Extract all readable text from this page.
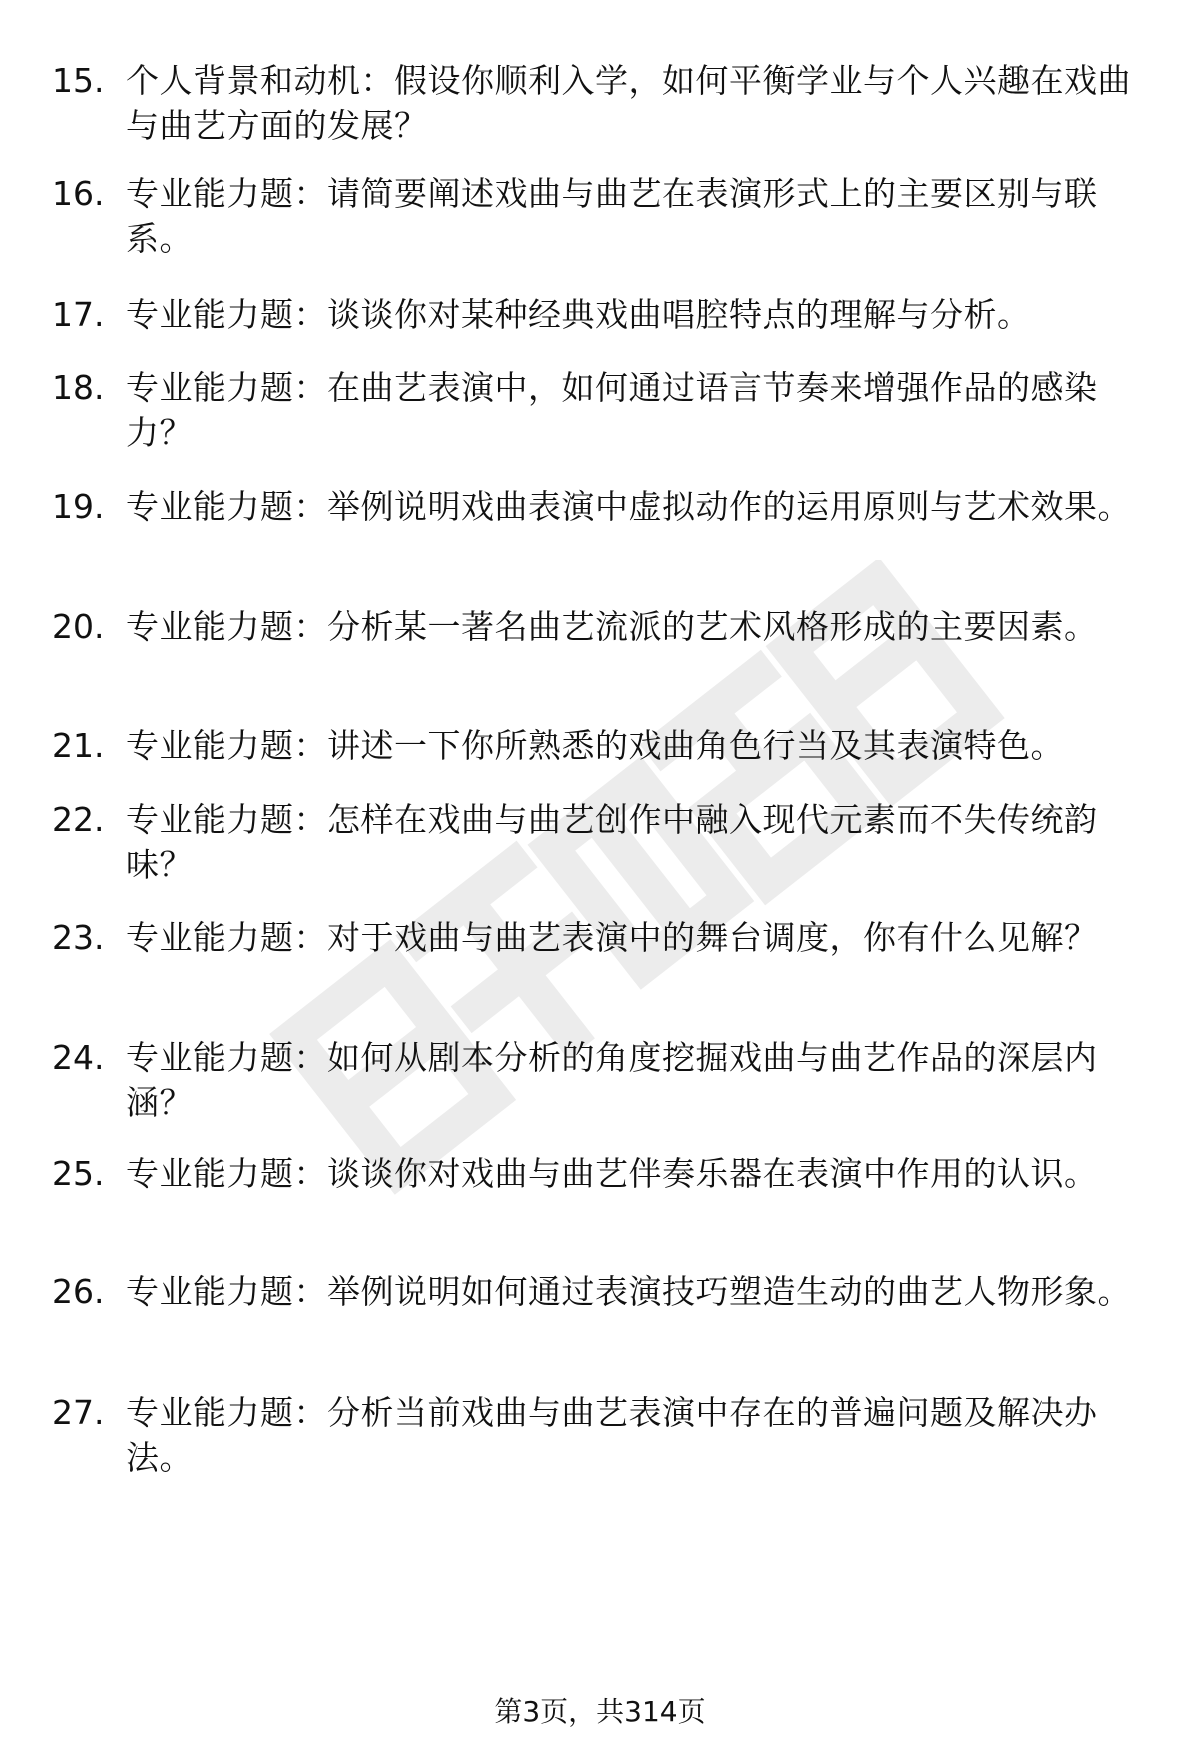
15. 个人背景和动机：假设你顺利入学，如何平衡学业与个人兴趣在戏曲与曲艺方面的发展？
16. 专业能力题：请简要阐述戏曲与曲艺在表演形式上的主要区别与联系。
17. 专业能力题：谈谈你对某种经典戏曲唱腔特点的理解与分析。
18. 专业能力题：在曲艺表演中，如何通过语言节奏来增强作品的感染力？
19. 专业能力题：举例说明戏曲表演中虚拟动作的运用原则与艺术效果。
20. 专业能力题：分析某一著名曲艺流派的艺术风格形成的主要因素。
21. 专业能力题：讲述一下你所熟悉的戏曲角色行当及其表演特色。
22. 专业能力题：怎样在戏曲与曲艺创作中融入现代元素而不失传统韵味？
23. 专业能力题：对于戏曲与曲艺表演中的舞台调度，你有什么见解？
24. 专业能力题：如何从剧本分析的角度挖掘戏曲与曲艺作品的深层内涵？
25. 专业能力题：谈谈你对戏曲与曲艺伴奏乐器在表演中作用的认识。
26. 专业能力题：举例说明如何通过表演技巧塑造生动的曲艺人物形象。
27. 专业能力题：分析当前戏曲与曲艺表演中存在的普遍问题及解决办法。
第3页，共314页
